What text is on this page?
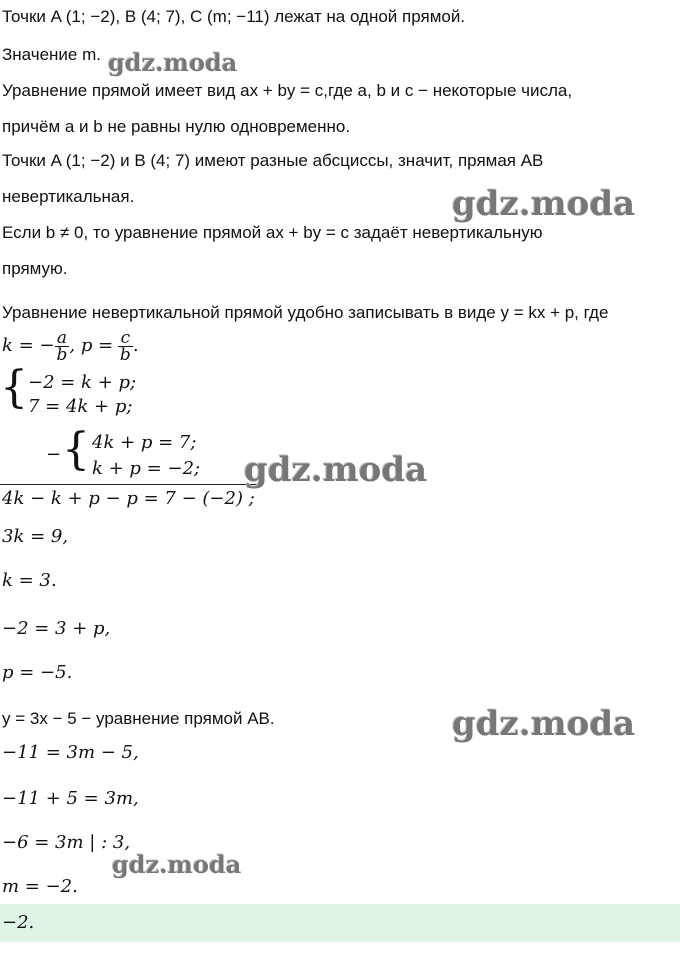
Точки A (1; −2), B (4; 7), C (m; −11) лежат на одной прямой.
Значение m.
Уравнение прямой имеет вид ax + by = c,где a, b и c − некоторые числа,
причём a и b не равны нулю одновременно.
Точки A (1; −2) и B (4; 7) имеют разные абсциссы, значит, прямая AB
невертикальная.
Если b ≠ 0, то уравнение прямой ax + by = c задаёт невертикальную
прямую.
Уравнение невертикальной прямой удобно записывать в виде y = kx + p, где
k = − $\frac{a}{b}$ , $p = \frac{c}{b}$ .
{ −2 = k + p;
7 = 4k + p;
− { 4k + p = 7;
k + p = −2;
4k − k + p − p = 7 − (−2) ;
3k = 9,
k = 3.
−2 = 3 + p,
p = −5.
y = 3x − 5 − уравнение прямой AB.
−11 = 3m − 5,
−11 + 5 = 3m,
−6 = 3m | : 3,
m = −2.
−2.
gdz.moda
gdz.moda
gdz.moda
gdz.moda
gdz.moda
